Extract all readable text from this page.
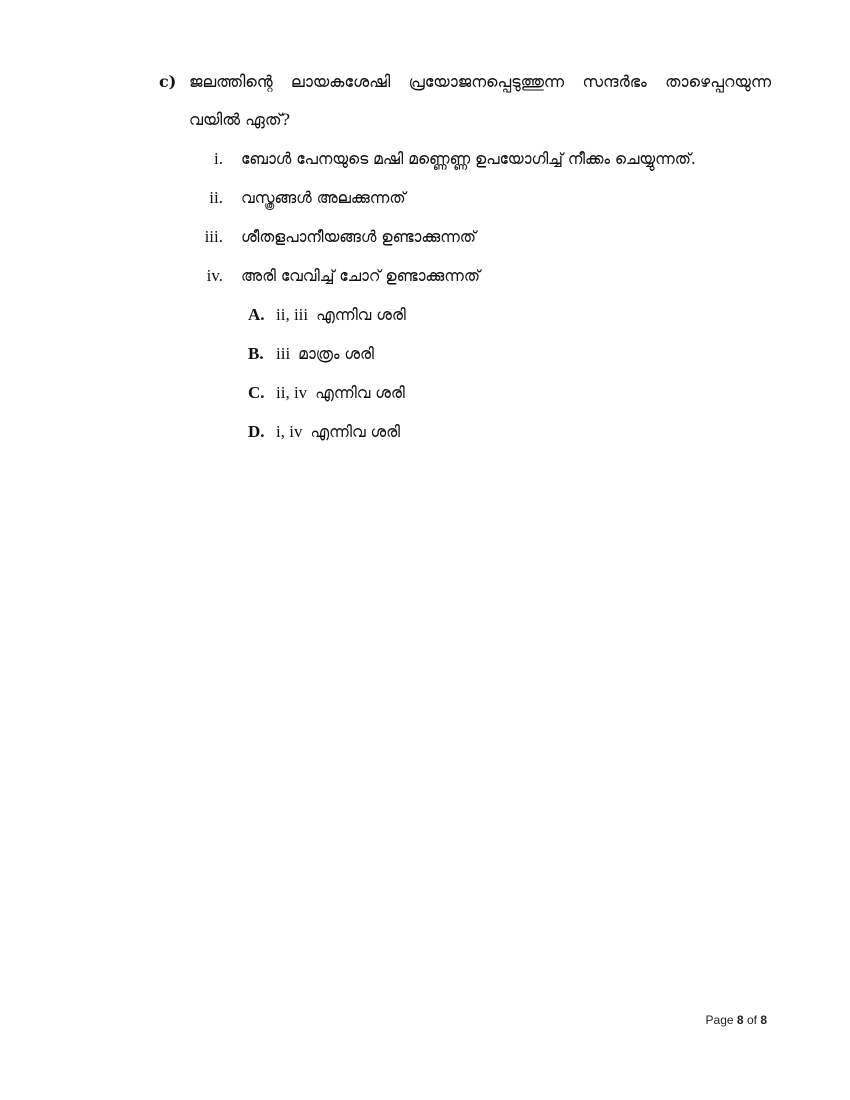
c) ജലത്തിന്റെ ലായകശേഷി പ്രയോജനപ്പെടുത്തുന്ന സന്ദർഭം താഴെപ്പറയുന്ന
വയിൽ ഏത്?
i.	ബോൾ പേനയുടെ മഷി മണ്ണെണ്ണ ഉപയോഗിച്ച് നീക്കം ചെയ്യുന്നത്.
ii.	വസ്ത്രങ്ങൾ അലക്കുന്നത്
iii.	ശീതളപാനീയങ്ങൾ ഉണ്ടാക്കുന്നത്
iv.	അരി വേവിച്ച് ചോറ് ഉണ്ടാക്കുന്നത്
A. ii, iii എന്നിവ ശരി
B. iii മാത്രം ശരി
C. ii, iv എന്നിവ ശരി
D. i, iv എന്നിവ ശരി
Page 8 of 8
